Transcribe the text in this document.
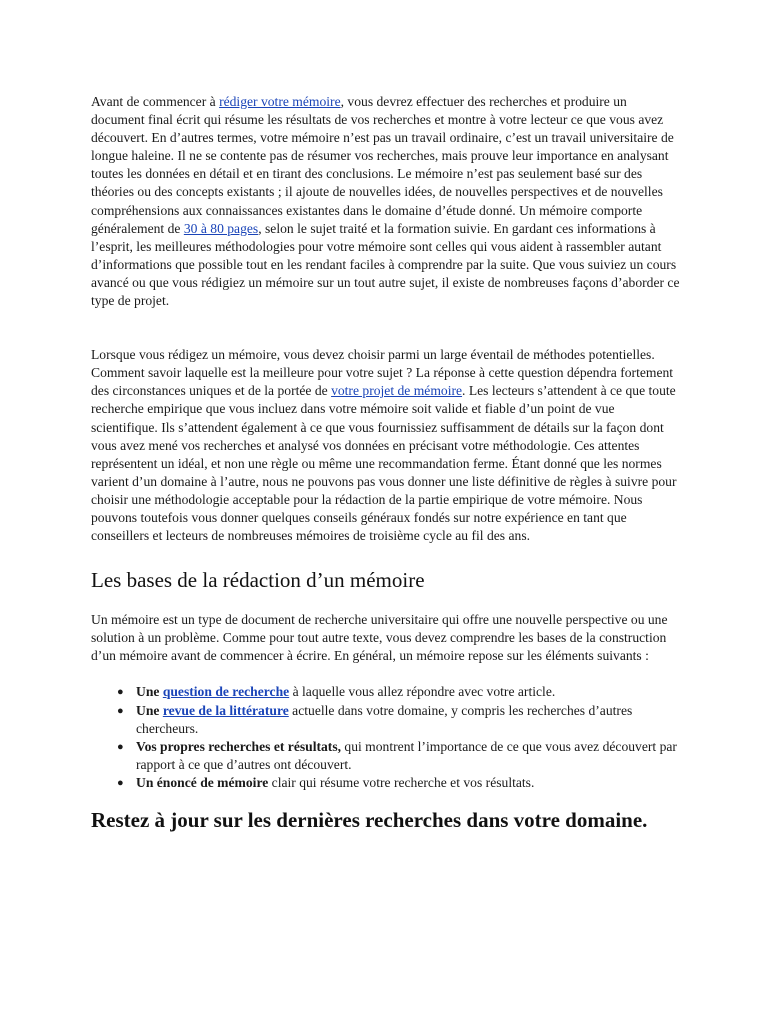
Avant de commencer à rédiger votre mémoire, vous devrez effectuer des recherches et produire un document final écrit qui résume les résultats de vos recherches et montre à votre lecteur ce que vous avez découvert. En d’autres termes, votre mémoire n’est pas un travail ordinaire, c’est un travail universitaire de longue haleine. Il ne se contente pas de résumer vos recherches, mais prouve leur importance en analysant toutes les données en détail et en tirant des conclusions. Le mémoire n’est pas seulement basé sur des théories ou des concepts existants ; il ajoute de nouvelles idées, de nouvelles perspectives et de nouvelles compréhensions aux connaissances existantes dans le domaine d’étude donné. Un mémoire comporte généralement de 30 à 80 pages, selon le sujet traité et la formation suivie. En gardant ces informations à l’esprit, les meilleures méthodologies pour votre mémoire sont celles qui vous aident à rassembler autant d’informations que possible tout en les rendant faciles à comprendre par la suite. Que vous suiviez un cours avancé ou que vous rédigiez un mémoire sur un tout autre sujet, il existe de nombreuses façons d’aborder ce type de projet.

Lorsque vous rédigez un mémoire, vous devez choisir parmi un large éventail de méthodes potentielles. Comment savoir laquelle est la meilleure pour votre sujet ? La réponse à cette question dépendra fortement des circonstances uniques et de la portée de votre projet de mémoire. Les lecteurs s’attendent à ce que toute recherche empirique que vous incluez dans votre mémoire soit valide et fiable d’un point de vue scientifique. Ils s’attendent également à ce que vous fournissiez suffisamment de détails sur la façon dont vous avez mené vos recherches et analysé vos données en précisant votre méthodologie. Ces attentes représentent un idéal, et non une règle ou même une recommandation ferme. Étant donné que les normes varient d’un domaine à l’autre, nous ne pouvons pas vous donner une liste définitive de règles à suivre pour choisir une méthodologie acceptable pour la rédaction de la partie empirique de votre mémoire. Nous pouvons toutefois vous donner quelques conseils généraux fondés sur notre expérience en tant que conseillers et lecteurs de nombreuses mémoires de troisième cycle au fil des ans.

Les bases de la rédaction d’un mémoire

Un mémoire est un type de document de recherche universitaire qui offre une nouvelle perspective ou une solution à un problème. Comme pour tout autre texte, vous devez comprendre les bases de la construction d’un mémoire avant de commencer à écrire. En général, un mémoire repose sur les éléments suivants :

● Une question de recherche à laquelle vous allez répondre avec votre article.
● Une revue de la littérature actuelle dans votre domaine, y compris les recherches d’autres chercheurs.
● Vos propres recherches et résultats, qui montrent l’importance de ce que vous avez découvert par rapport à ce que d’autres ont découvert.
● Un énoncé de mémoire clair qui résume votre recherche et vos résultats.
Restez à jour sur les dernières recherches dans votre domaine.
